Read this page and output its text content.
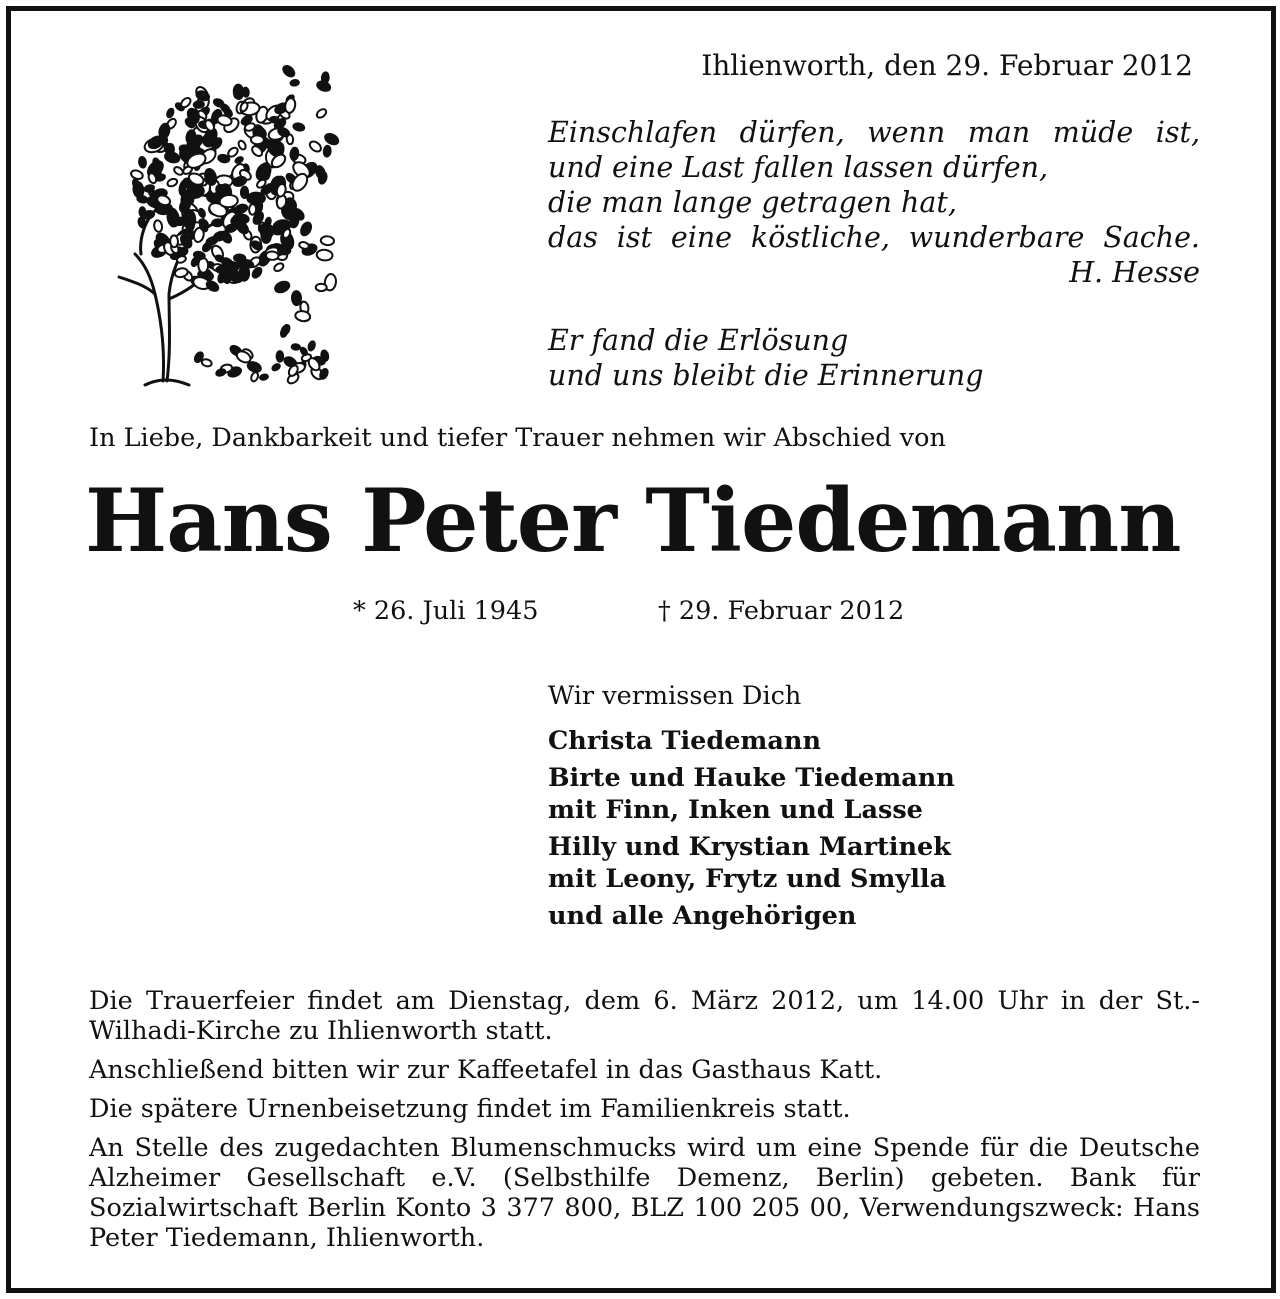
Ihlienworth, den 29. Februar 2012
Einschlafen dürfen, wenn man müde ist,
und eine Last fallen lassen dürfen,
die man lange getragen hat,
das ist eine köstliche, wunderbare Sache.
H. Hesse
Er fand die Erlösung
und uns bleibt die Erinnerung
In Liebe, Dankbarkeit und tiefer Trauer nehmen wir Abschied von
Hans Peter Tiedemann
* 26. Juli 1945	† 29. Februar 2012
Wir vermissen Dich
Christa Tiedemann
Birte und Hauke Tiedemann
mit Finn, Inken und Lasse
Hilly und Krystian Martinek
mit Leony, Frytz und Smylla
und alle Angehörigen

Die Trauerfeier findet am Dienstag, dem 6. März 2012, um 14.00 Uhr in der St.-Wilhadi-Kirche zu Ihlienworth statt.

Anschließend bitten wir zur Kaffeetafel in das Gasthaus Katt.

Die spätere Urnenbeisetzung findet im Familienkreis statt.

An Stelle des zugedachten Blumenschmucks wird um eine Spende für die Deutsche Alzheimer Gesellschaft e.V. (Selbsthilfe Demenz, Berlin) gebeten. Bank für Sozialwirtschaft Berlin Konto 3 377 800, BLZ 100 205 00, Verwendungszweck: Hans Peter Tiedemann, Ihlienworth.
